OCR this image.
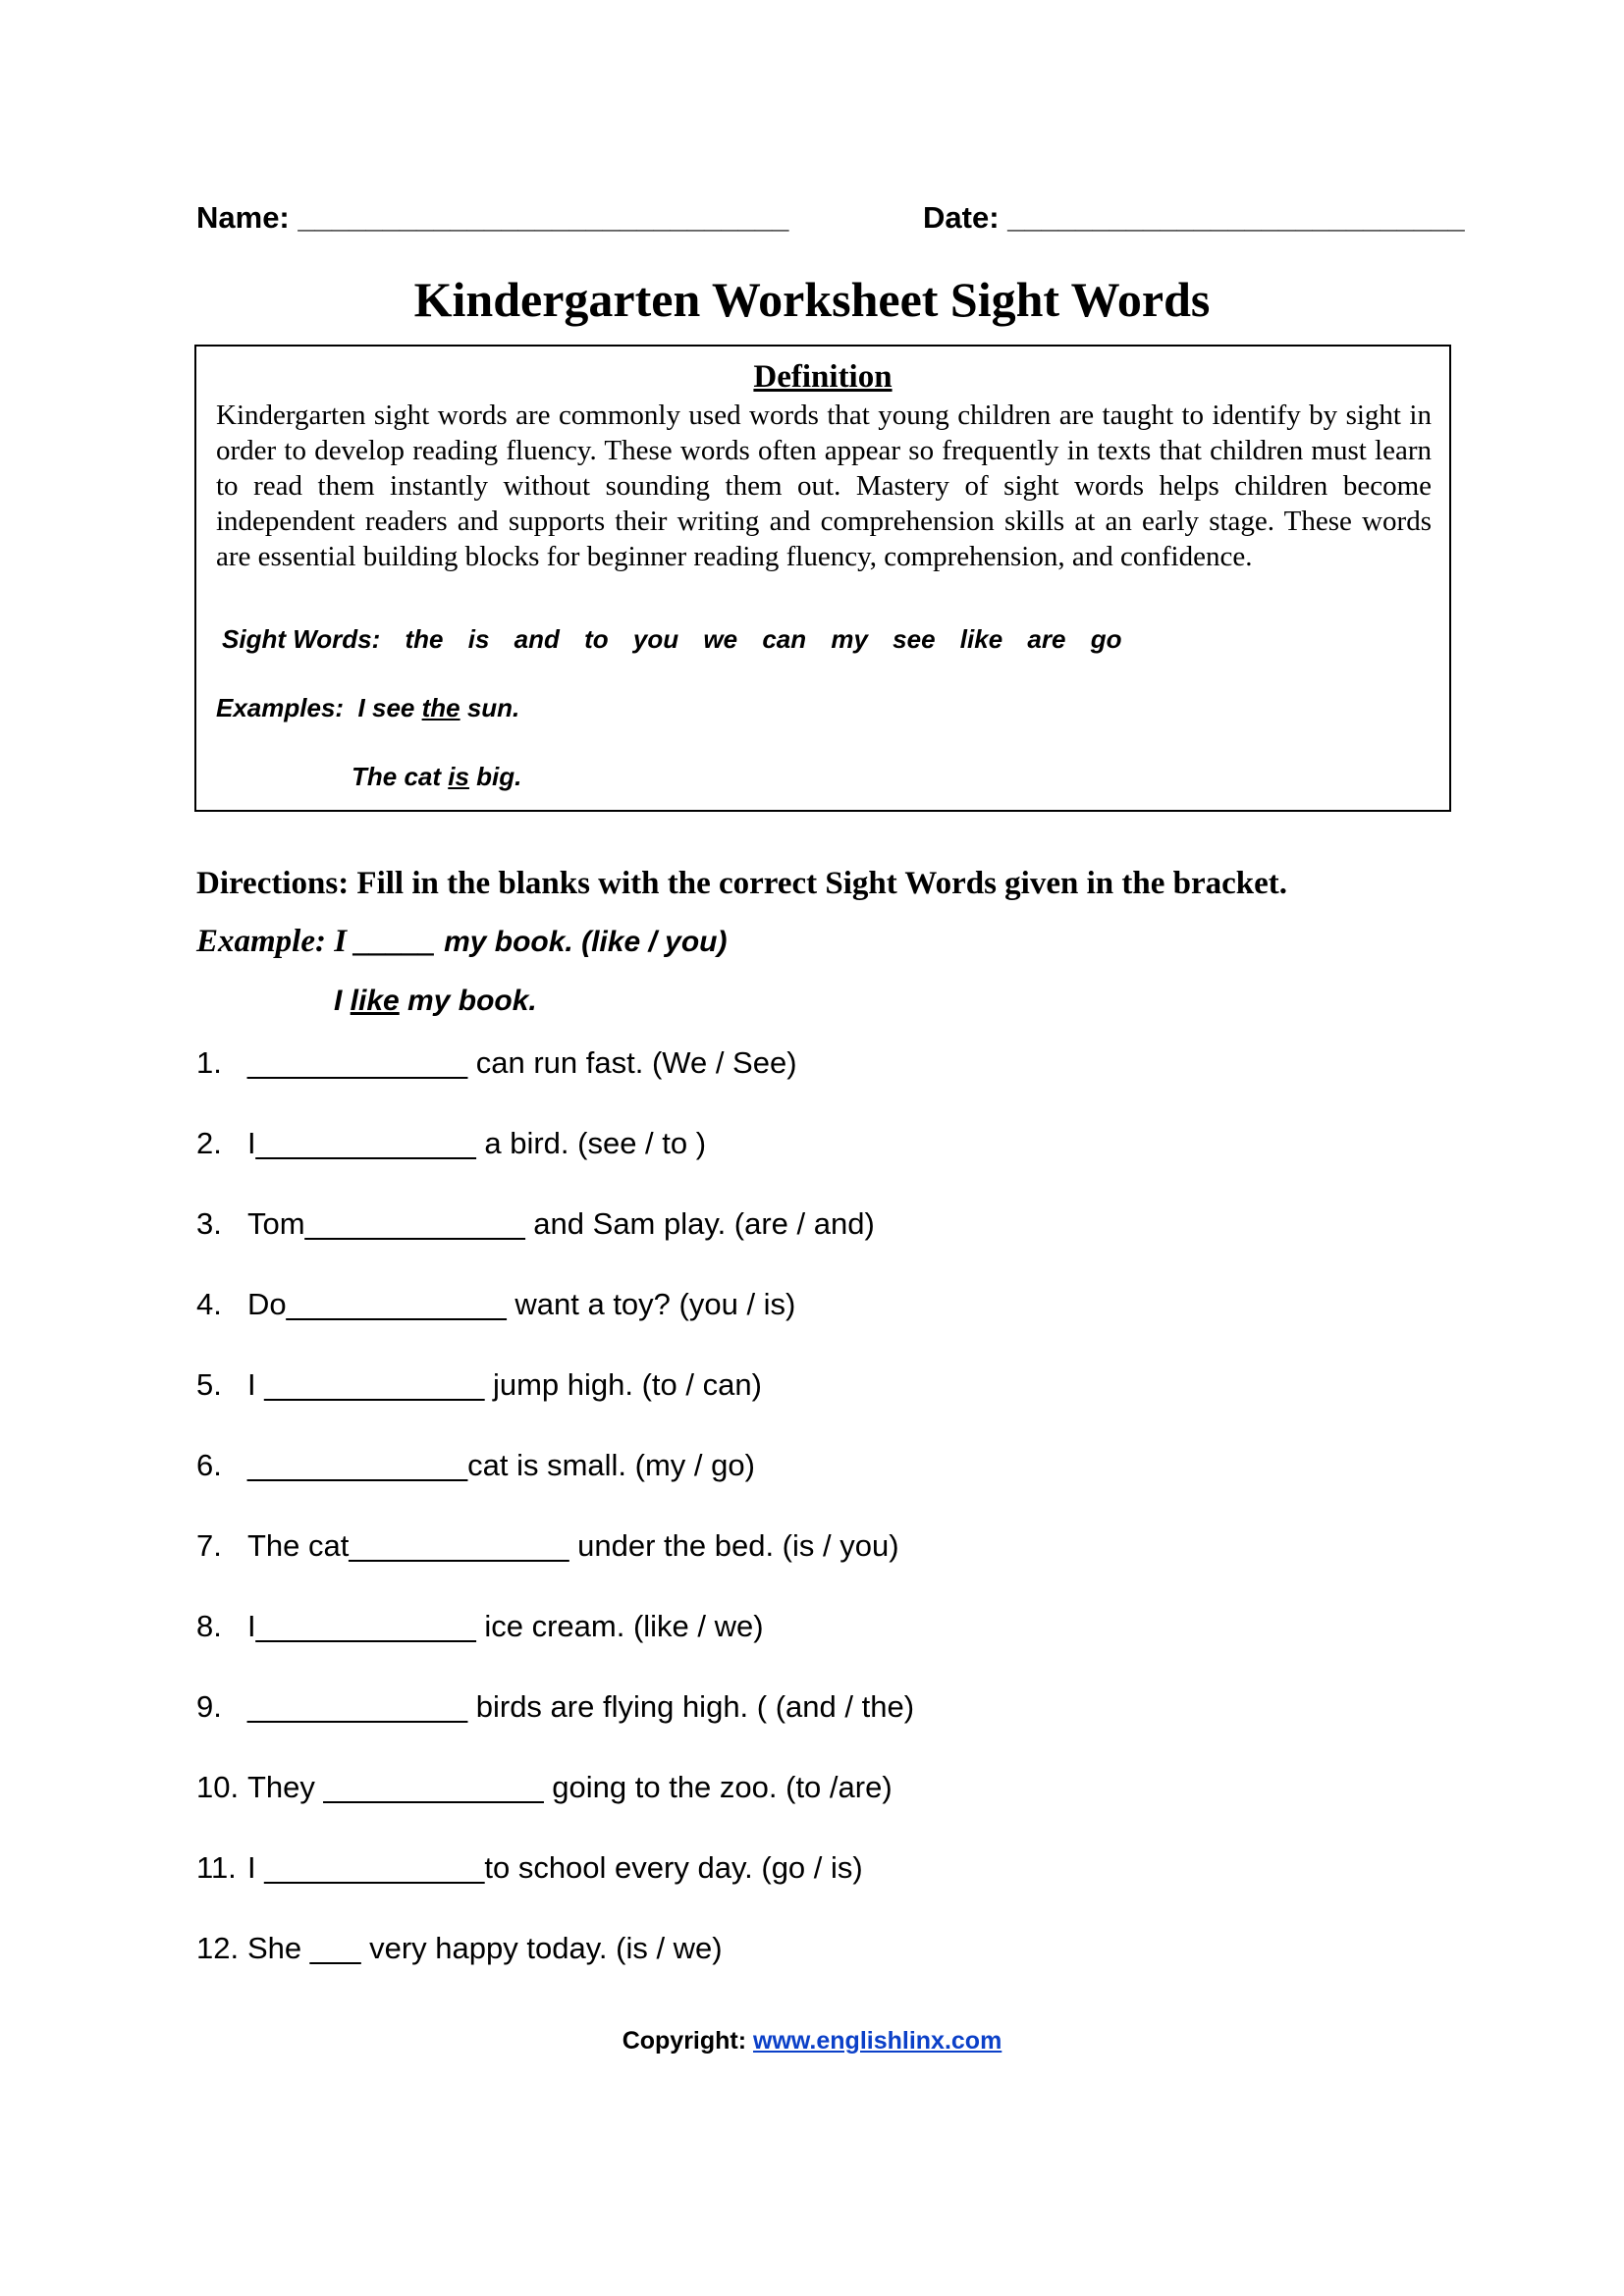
Name: _____________________________	Date: ___________________________
Kindergarten Worksheet Sight Words
Definition
Kindergarten sight words are commonly used words that young children are taught to identify by sight in order to develop reading fluency. These words often appear so frequently in texts that children must learn to read them instantly without sounding them out. Mastery of sight words helps children become independent readers and supports their writing and comprehension skills at an early stage. These words are essential building blocks for beginner reading fluency, comprehension, and confidence.
Sight Words: the is and to you we can my see like are go
Examples: I see the sun.
The cat is big.
Directions: Fill in the blanks with the correct Sight Words given in the bracket.
Example: I _____ my book. (like / you)
I like my book.
1. _____________ can run fast. (We / See)
2. I_____________ a bird. (see / to )
3. Tom_____________ and Sam play. (are / and)
4. Do_____________ want a toy? (you / is)
5. I _____________ jump high. (to / can)
6. _____________cat is small. (my / go)
7. The cat_____________ under the bed. (is / you)
8. I_____________ ice cream. (like / we)
9. _____________ birds are flying high. ( (and / the)
10. They _____________ going to the zoo. (to /are)
11. I _____________to school every day. (go / is)
12. She ___ very happy today. (is / we)
Copyright: www.englishlinx.com
